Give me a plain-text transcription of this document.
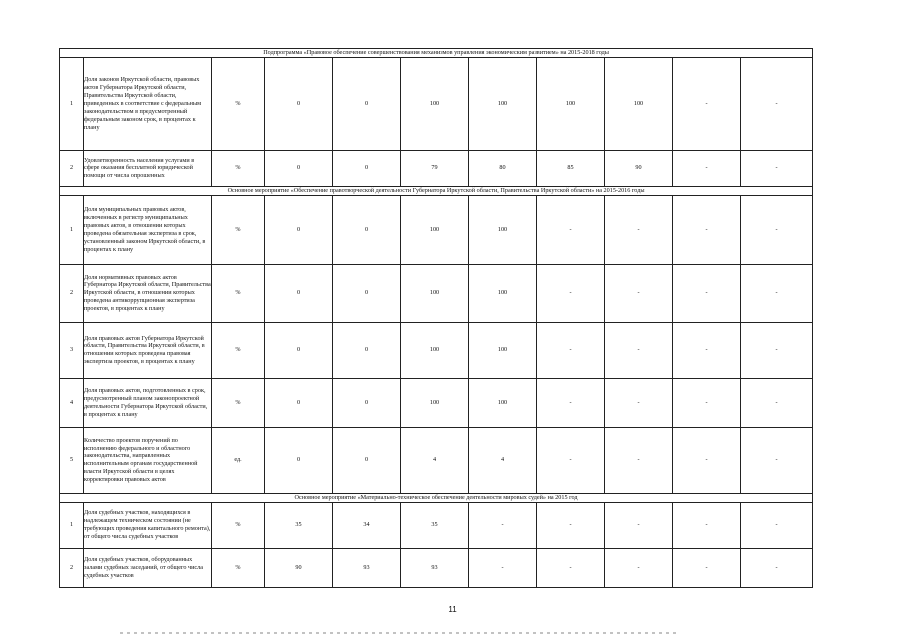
Подпрограмма «Правовое обеспечение совершенствования механизмов управления экономическим развитием» на 2015-2018 годы										
1	Доля законов Иркутской области, правовых актов Губернатора Иркутской области, Правительства Иркутской области, приведенных в соответствие с федеральным законодательством в предусмотренный федеральным законом срок, в процентах к плану	%	0	0	100	100	100	100	-	-
2	Удовлетворенность населения услугами в сфере оказания бесплатной юридической помощи от числа опрошенных	%	0	0	79	80	85	90	-	-
Основное мероприятие «Обеспечение правотворческой деятельности Губернатора Иркутской области, Правительства Иркутской области» на 2015-2016 годы										
1	Доля муниципальных правовых актов, включенных в регистр муниципальных правовых актов, в отношении которых проведена обязательная экспертиза в срок, установленный законом Иркутской области, в процентах к плану	%	0	0	100	100	-	-	-	-
2	Доля нормативных правовых актов Губернатора Иркутской области, Правительства Иркутской области, в отношении которых проведена антикоррупционная экспертиза проектов, в процентах к плану	%	0	0	100	100	-	-	-	-
3	Доля правовых актов Губернатора Иркутской области, Правительства Иркутской области, в отношении которых проведена правовая экспертиза проектов, в процентах к плану	%	0	0	100	100	-	-	-	-
4	Доля правовых актов, подготовленных в срок, предусмотренный планом законопроектной деятельности Губернатора Иркутской области, в процентах к плану	%	0	0	100	100	-	-	-	-
5	Количество проектов поручений по исполнению федерального и областного законодательства, направленных исполнительным органам государственной власти Иркутской области в целях корректировки правовых актов	ед.	0	0	4	4	-	-	-	-
Основное мероприятие «Материально-техническое обеспечение деятельности мировых судей» на 2015 год										
1	Доля судебных участков, находящихся в надлежащем техническом состоянии (не требующих проведения капитального ремонта), от общего числа судебных участков	%	35	34	35	-	-	-	-	-
2	Доля судебных участков, оборудованных залами судебных заседаний, от общего числа судебных участков	%	90	93	93	-	-	-	-	-
11
